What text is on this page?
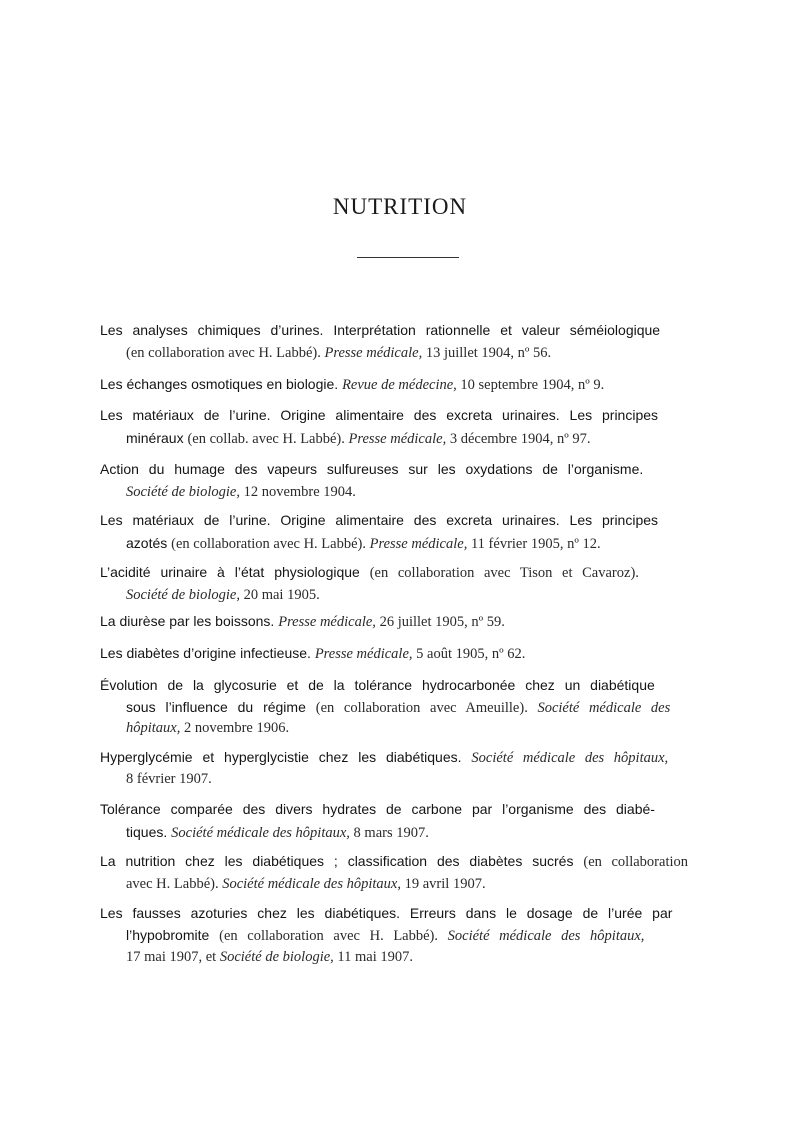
NUTRITION
Les analyses chimiques d’urines. Interprétation rationnelle et valeur séméiologique
(en collaboration avec H. Labbé). Presse médicale, 13 juillet 1904, nº 56.
Les échanges osmotiques en biologie. Revue de médecine, 10 septembre 1904, nº 9.
Les matériaux de l’urine. Origine alimentaire des excreta urinaires. Les principes
minéraux (en collab. avec H. Labbé). Presse médicale, 3 décembre 1904, nº 97.
Action du humage des vapeurs sulfureuses sur les oxydations de l’organisme.
Société de biologie, 12 novembre 1904.
Les matériaux de l’urine. Origine alimentaire des excreta urinaires. Les principes
azotés (en collaboration avec H. Labbé). Presse médicale, 11 février 1905, nº 12.
L’acidité urinaire à l’état physiologique (en collaboration avec Tison et Cavaroz).
Société de biologie, 20 mai 1905.
La diurèse par les boissons. Presse médicale, 26 juillet 1905, nº 59.
Les diabètes d’origine infectieuse. Presse médicale, 5 août 1905, nº 62.
Évolution de la glycosurie et de la tolérance hydrocarbonée chez un diabétique
sous l’influence du régime (en collaboration avec Ameuille). Société médicale des
hôpitaux, 2 novembre 1906.
Hyperglycémie et hyperglycistie chez les diabétiques. Société médicale des hôpitaux,
8 février 1907.
Tolérance comparée des divers hydrates de carbone par l’organisme des diabé-
tiques. Société médicale des hôpitaux, 8 mars 1907.
La nutrition chez les diabétiques ; classification des diabètes sucrés (en collaboration
avec H. Labbé). Société médicale des hôpitaux, 19 avril 1907.
Les fausses azoturies chez les diabétiques. Erreurs dans le dosage de l’urée par
l’hypobromite (en collaboration avec H. Labbé). Société médicale des hôpitaux,
17 mai 1907, et Société de biologie, 11 mai 1907.
